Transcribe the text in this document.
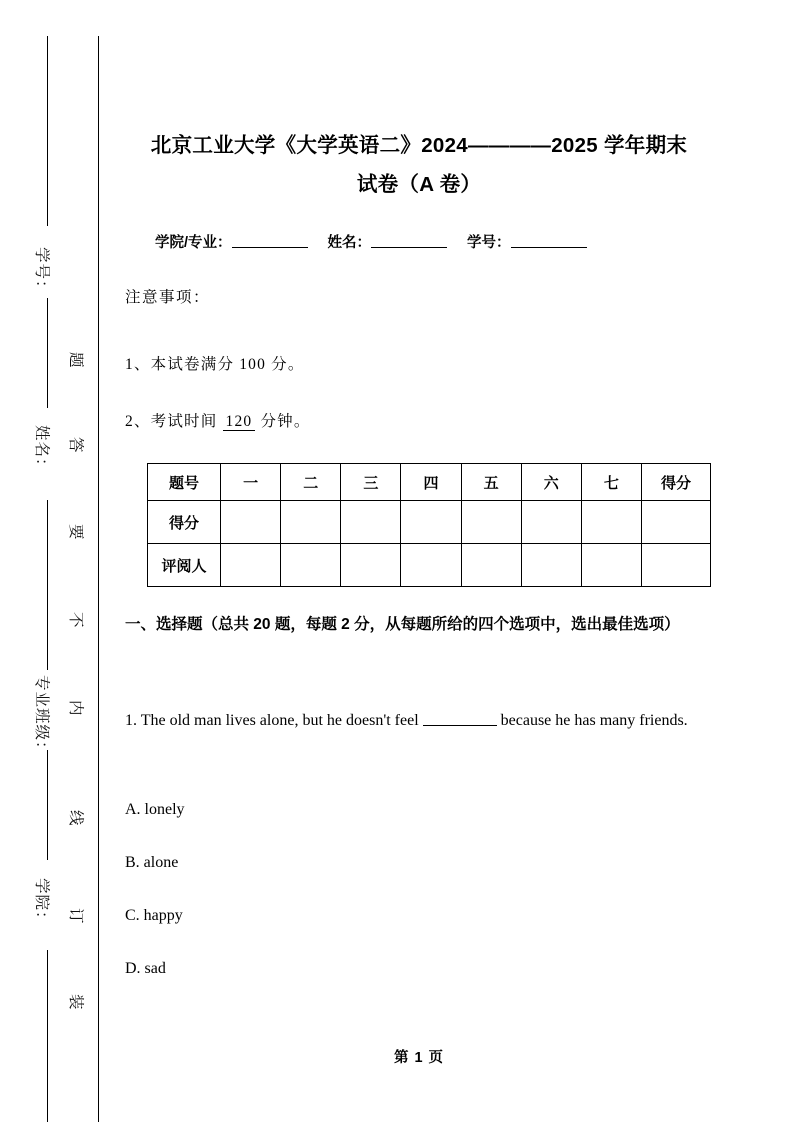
学号：
姓名：
专业班级：
学院：
题
答
要
不
内
线
订
装
北京工业大学《大学英语二》2024————2025 学年期末
试卷（A 卷）
学院/专业：	姓名：	学号：
注意事项：
1、本试卷满分 100 分。
2、考试时间 120 分钟。
题号	一	二	三	四	五	六	七	得分
得分								
评阅人								
一、选择题（总共 20 题，每题 2 分，从每题所给的四个选项中，选出最佳选项）
1. The old man lives alone, but he doesn't feel	because he has many friends.
A. lonely
B. alone
C. happy
D. sad
第 1 页
